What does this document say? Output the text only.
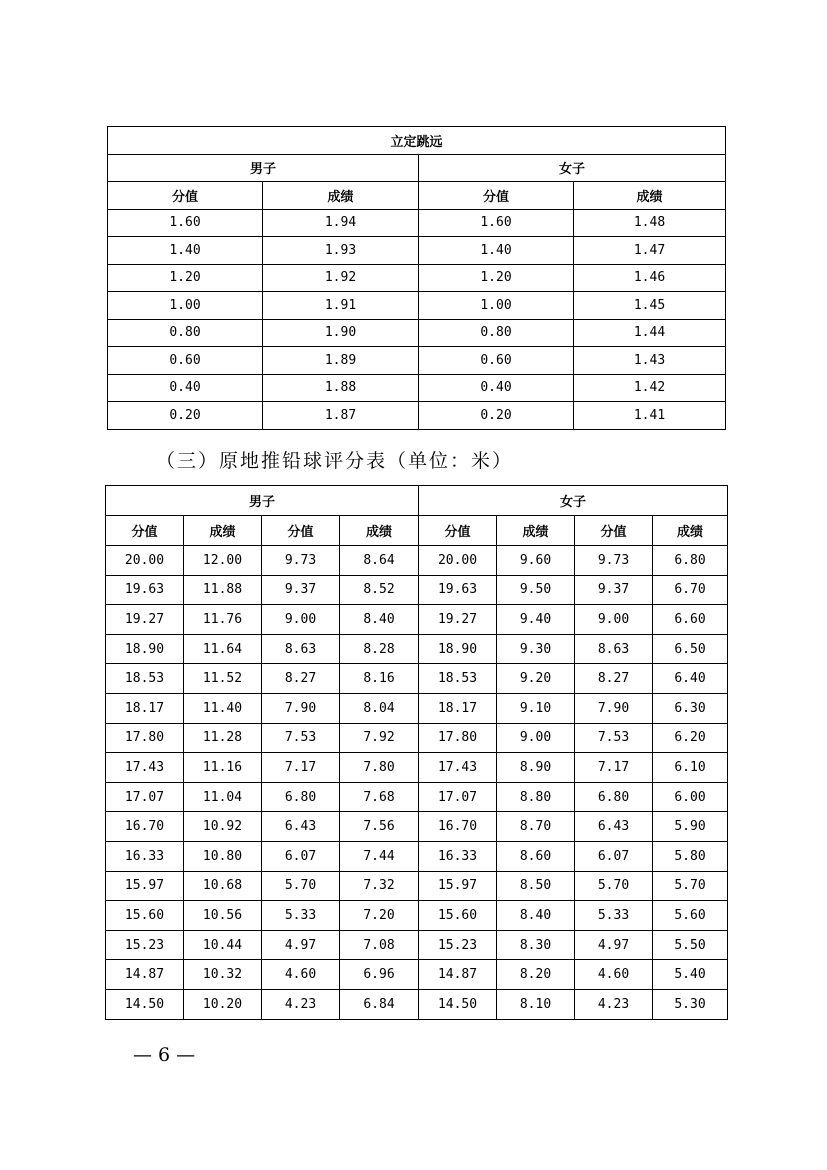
立定跳远			
男子		女子	
分值	成绩	分值	成绩
1.60	1.94	1.60	1.48
1.40	1.93	1.40	1.47
1.20	1.92	1.20	1.46
1.00	1.91	1.00	1.45
0.80	1.90	0.80	1.44
0.60	1.89	0.60	1.43
0.40	1.88	0.40	1.42
0.20	1.87	0.20	1.41
（三）原地推铅球评分表（单位：米）
男子				女子			
分值	成绩	分值	成绩	分值	成绩	分值	成绩
20.00	12.00	9.73	8.64	20.00	9.60	9.73	6.80
19.63	11.88	9.37	8.52	19.63	9.50	9.37	6.70
19.27	11.76	9.00	8.40	19.27	9.40	9.00	6.60
18.90	11.64	8.63	8.28	18.90	9.30	8.63	6.50
18.53	11.52	8.27	8.16	18.53	9.20	8.27	6.40
18.17	11.40	7.90	8.04	18.17	9.10	7.90	6.30
17.80	11.28	7.53	7.92	17.80	9.00	7.53	6.20
17.43	11.16	7.17	7.80	17.43	8.90	7.17	6.10
17.07	11.04	6.80	7.68	17.07	8.80	6.80	6.00
16.70	10.92	6.43	7.56	16.70	8.70	6.43	5.90
16.33	10.80	6.07	7.44	16.33	8.60	6.07	5.80
15.97	10.68	5.70	7.32	15.97	8.50	5.70	5.70
15.60	10.56	5.33	7.20	15.60	8.40	5.33	5.60
15.23	10.44	4.97	7.08	15.23	8.30	4.97	5.50
14.87	10.32	4.60	6.96	14.87	8.20	4.60	5.40
14.50	10.20	4.23	6.84	14.50	8.10	4.23	5.30
— 6 —
